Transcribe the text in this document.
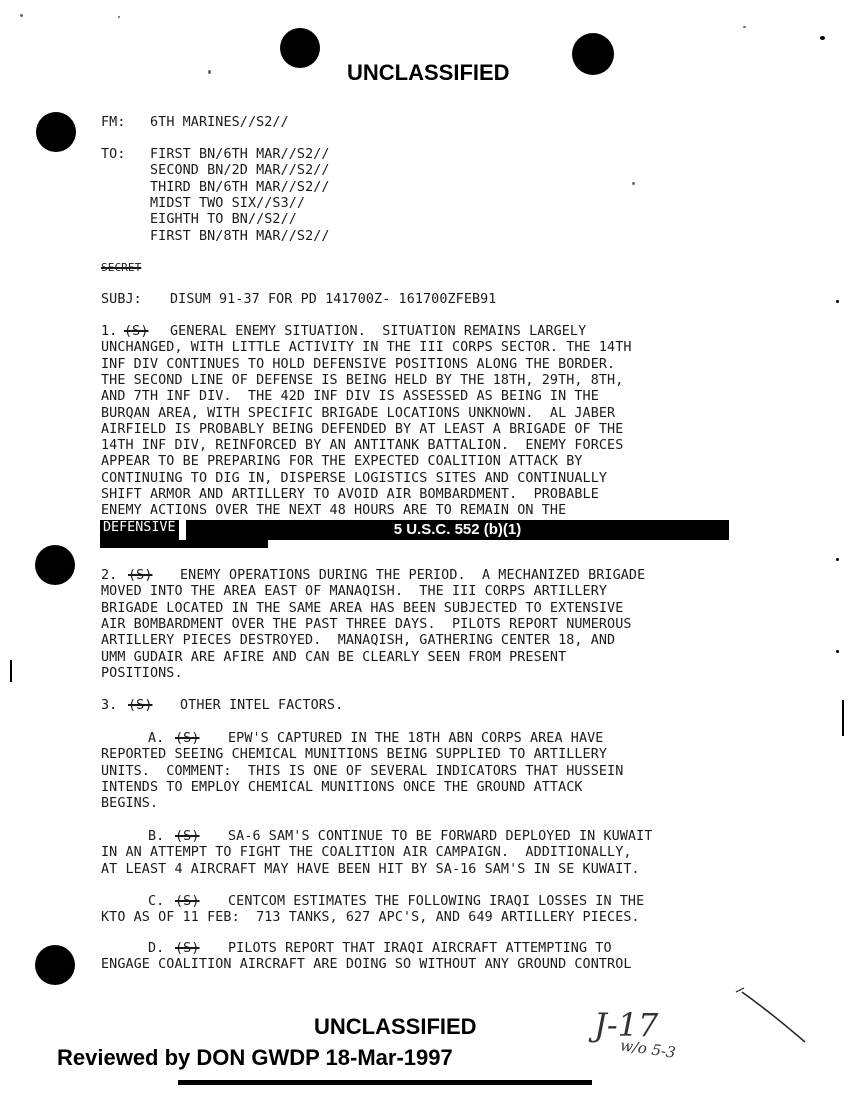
UNCLASSIFIED
FM: 6TH MARINES//S2//
TO: FIRST BN/6TH MAR//S2//
SECOND BN/2D MAR//S2//
THIRD BN/6TH MAR//S2//
MIDST TWO SIX//S3//
EIGHTH TO BN//S2//
FIRST BN/8TH MAR//S2//
SECRET
SUBJ: DISUM 91-37 FOR PD 141700Z- 161700ZFEB91
1. (S) GENERAL ENEMY SITUATION.  SITUATION REMAINS LARGELY
UNCHANGED, WITH LITTLE ACTIVITY IN THE III CORPS SECTOR. THE 14TH
INF DIV CONTINUES TO HOLD DEFENSIVE POSITIONS ALONG THE BORDER.
THE SECOND LINE OF DEFENSE IS BEING HELD BY THE 18TH, 29TH, 8TH,
AND 7TH INF DIV.  THE 42D INF DIV IS ASSESSED AS BEING IN THE
BURQAN AREA, WITH SPECIFIC BRIGADE LOCATIONS UNKNOWN.  AL JABER
AIRFIELD IS PROBABLY BEING DEFENDED BY AT LEAST A BRIGADE OF THE
14TH INF DIV, REINFORCED BY AN ANTITANK BATTALION.  ENEMY FORCES
APPEAR TO BE PREPARING FOR THE EXPECTED COALITION ATTACK BY
CONTINUING TO DIG IN, DISPERSE LOGISTICS SITES AND CONTINUALLY
SHIFT ARMOR AND ARTILLERY TO AVOID AIR BOMBARDMENT.  PROBABLE
ENEMY ACTIONS OVER THE NEXT 48 HOURS ARE TO REMAIN ON THE
DEFENSIVE	5 U.S.C. 552 (b)(1)
2. (S) ENEMY OPERATIONS DURING THE PERIOD.  A MECHANIZED BRIGADE
MOVED INTO THE AREA EAST OF MANAQISH.  THE III CORPS ARTILLERY
BRIGADE LOCATED IN THE SAME AREA HAS BEEN SUBJECTED TO EXTENSIVE
AIR BOMBARDMENT OVER THE PAST THREE DAYS.  PILOTS REPORT NUMEROUS
ARTILLERY PIECES DESTROYED.  MANAQISH, GATHERING CENTER 18, AND
UMM GUDAIR ARE AFIRE AND CAN BE CLEARLY SEEN FROM PRESENT
POSITIONS.
3. (S) OTHER INTEL FACTORS.
A. (S) EPW'S CAPTURED IN THE 18TH ABN CORPS AREA HAVE
REPORTED SEEING CHEMICAL MUNITIONS BEING SUPPLIED TO ARTILLERY
UNITS.  COMMENT:  THIS IS ONE OF SEVERAL INDICATORS THAT HUSSEIN
INTENDS TO EMPLOY CHEMICAL MUNITIONS ONCE THE GROUND ATTACK
BEGINS.
B. (S) SA-6 SAM'S CONTINUE TO BE FORWARD DEPLOYED IN KUWAIT
IN AN ATTEMPT TO FIGHT THE COALITION AIR CAMPAIGN.  ADDITIONALLY,
AT LEAST 4 AIRCRAFT MAY HAVE BEEN HIT BY SA-16 SAM'S IN SE KUWAIT.
C. (S) CENTCOM ESTIMATES THE FOLLOWING IRAQI LOSSES IN THE
KTO AS OF 11 FEB:  713 TANKS, 627 APC'S, AND 649 ARTILLERY PIECES.
D. (S) PILOTS REPORT THAT IRAQI AIRCRAFT ATTEMPTING TO
ENGAGE COALITION AIRCRAFT ARE DOING SO WITHOUT ANY GROUND CONTROL
UNCLASSIFIED
Reviewed by DON GWDP 18-Mar-1997
J-17
w/o 5-3
